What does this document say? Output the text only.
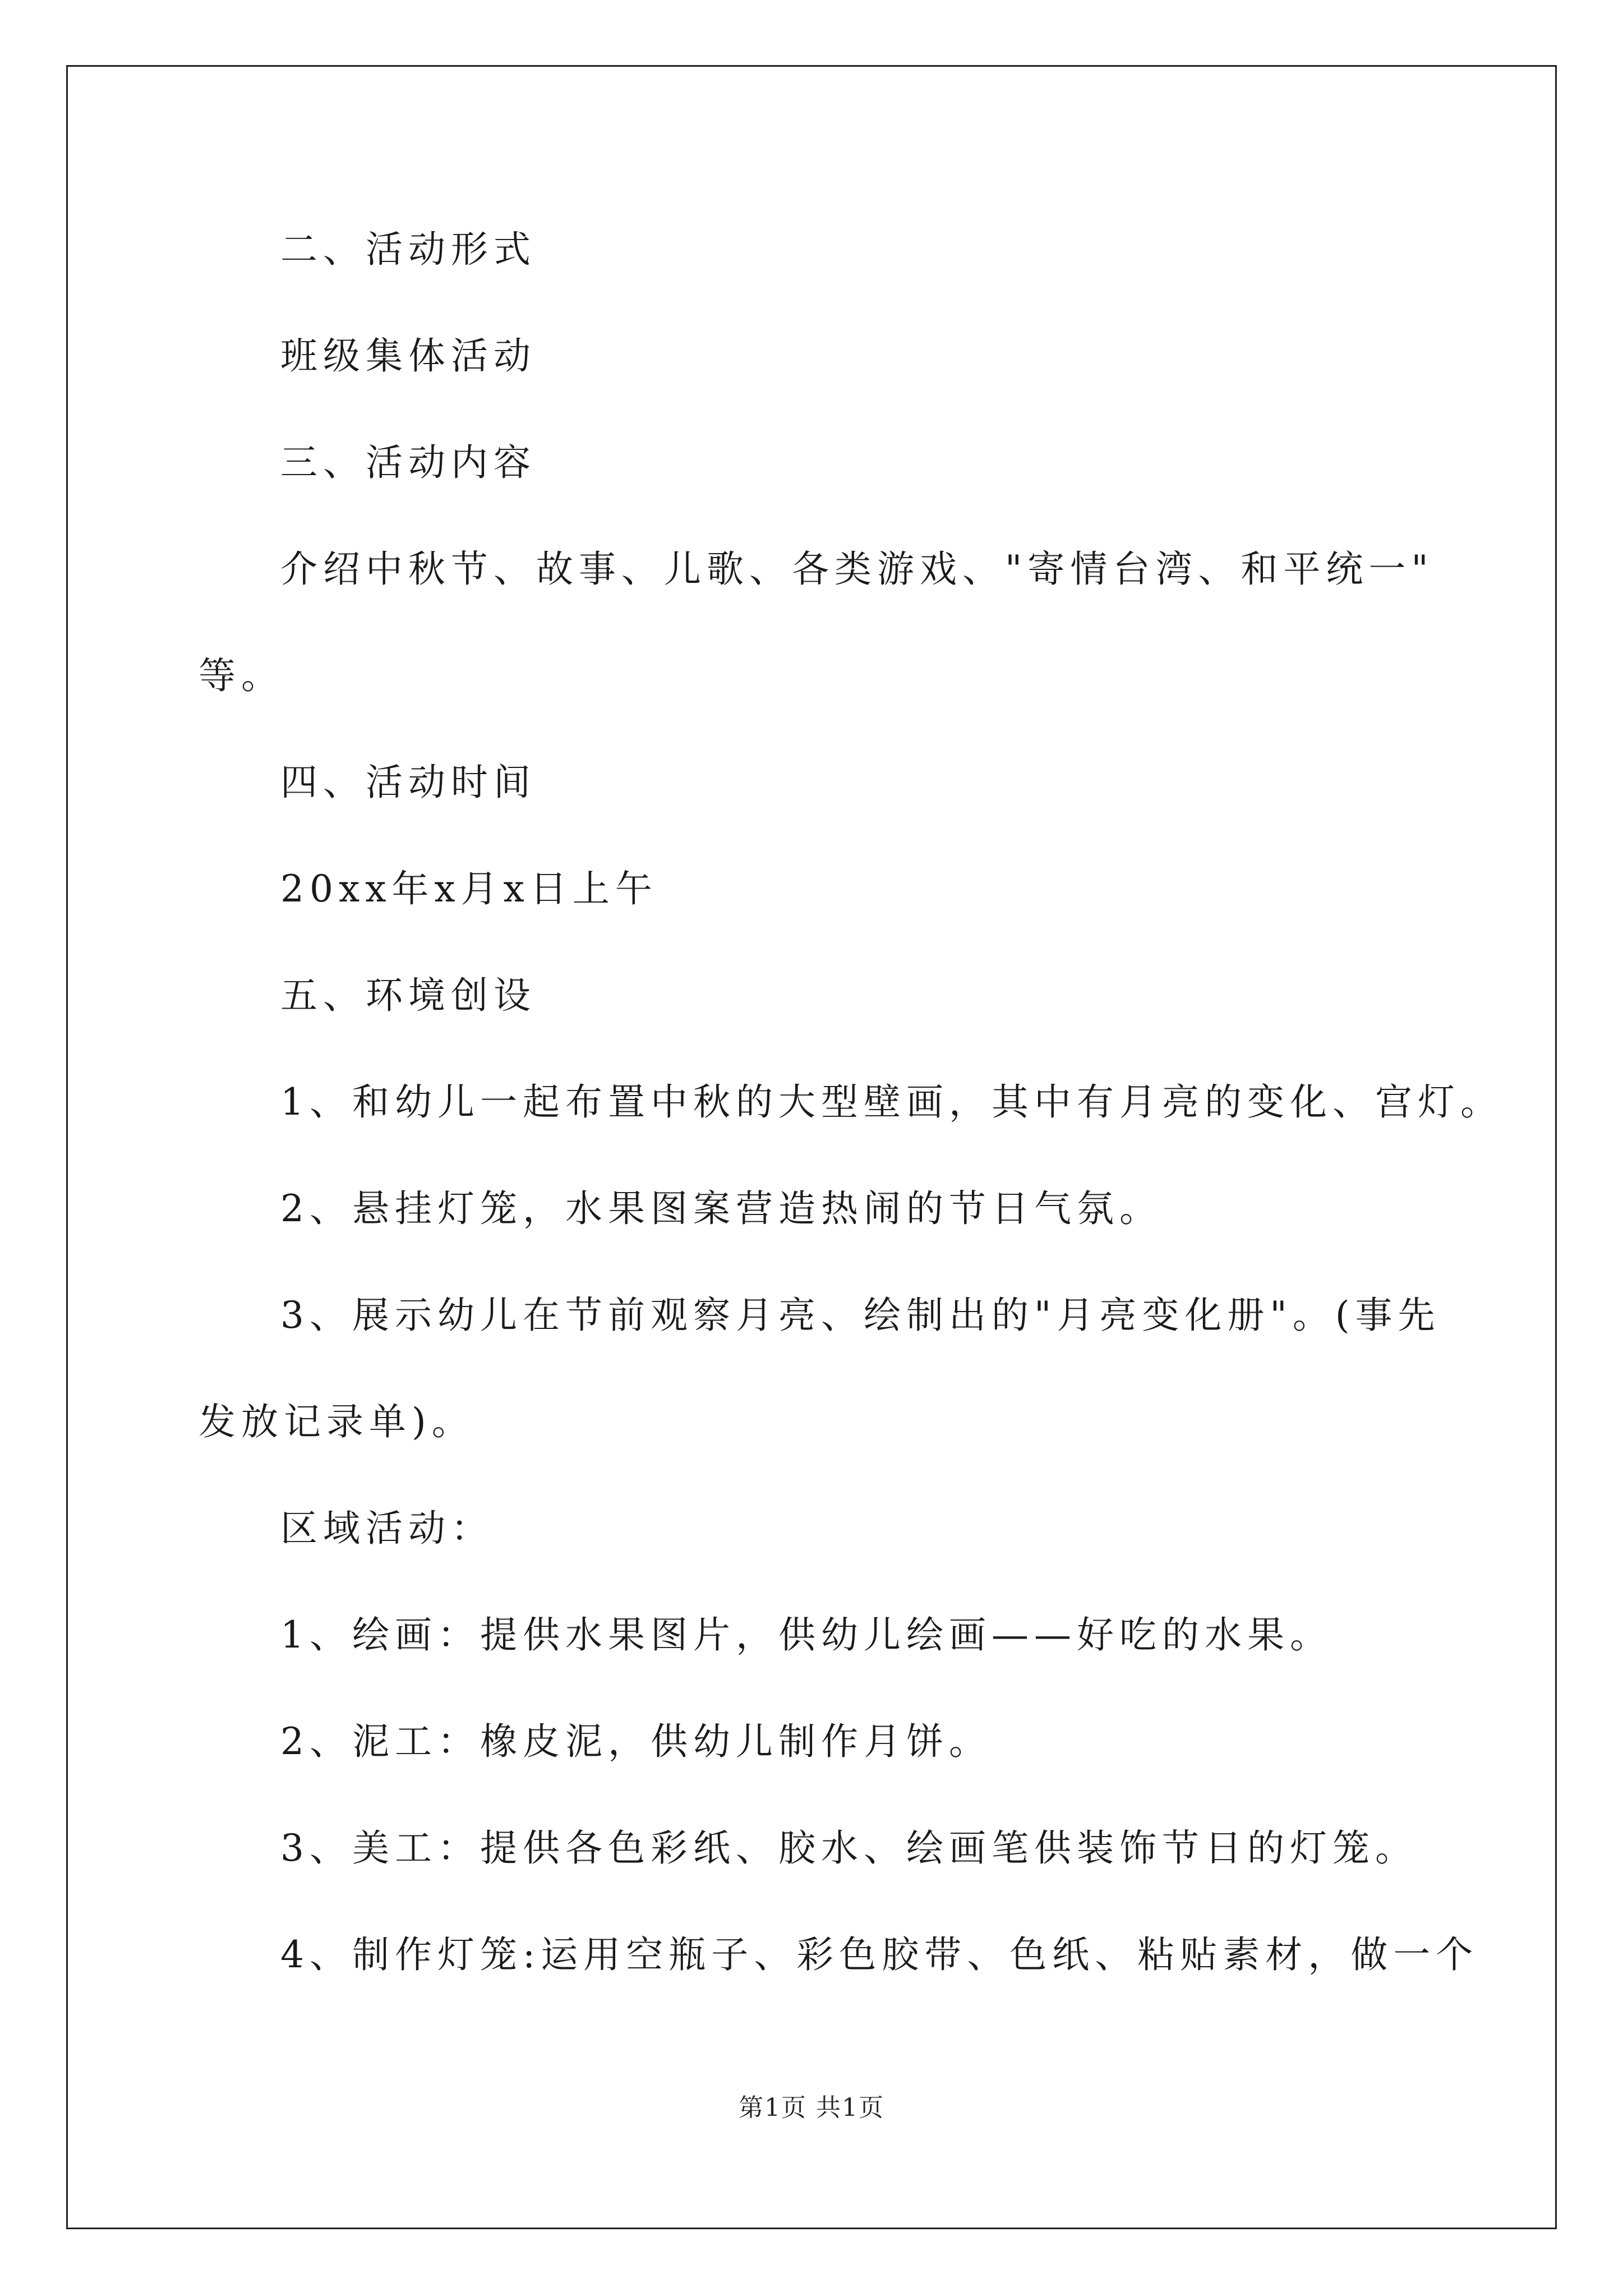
二、活动形式
班级集体活动
三、活动内容
介绍中秋节、故事、儿歌、各类游戏、"寄情台湾、和平统一"
等。
四、活动时间
20xx年x月x日上午
五、环境创设
1、和幼儿一起布置中秋的大型壁画，其中有月亮的变化、宫灯。
2、悬挂灯笼，水果图案营造热闹的节日气氛。
3、展示幼儿在节前观察月亮、绘制出的"月亮变化册"。(事先
发放记录单)。
区域活动：
1、绘画：提供水果图片，供幼儿绘画——好吃的水果。
2、泥工：橡皮泥，供幼儿制作月饼。
3、美工：提供各色彩纸、胶水、绘画笔供装饰节日的灯笼。
4、制作灯笼:运用空瓶子、彩色胶带、色纸、粘贴素材，做一个
第1页 共1页
